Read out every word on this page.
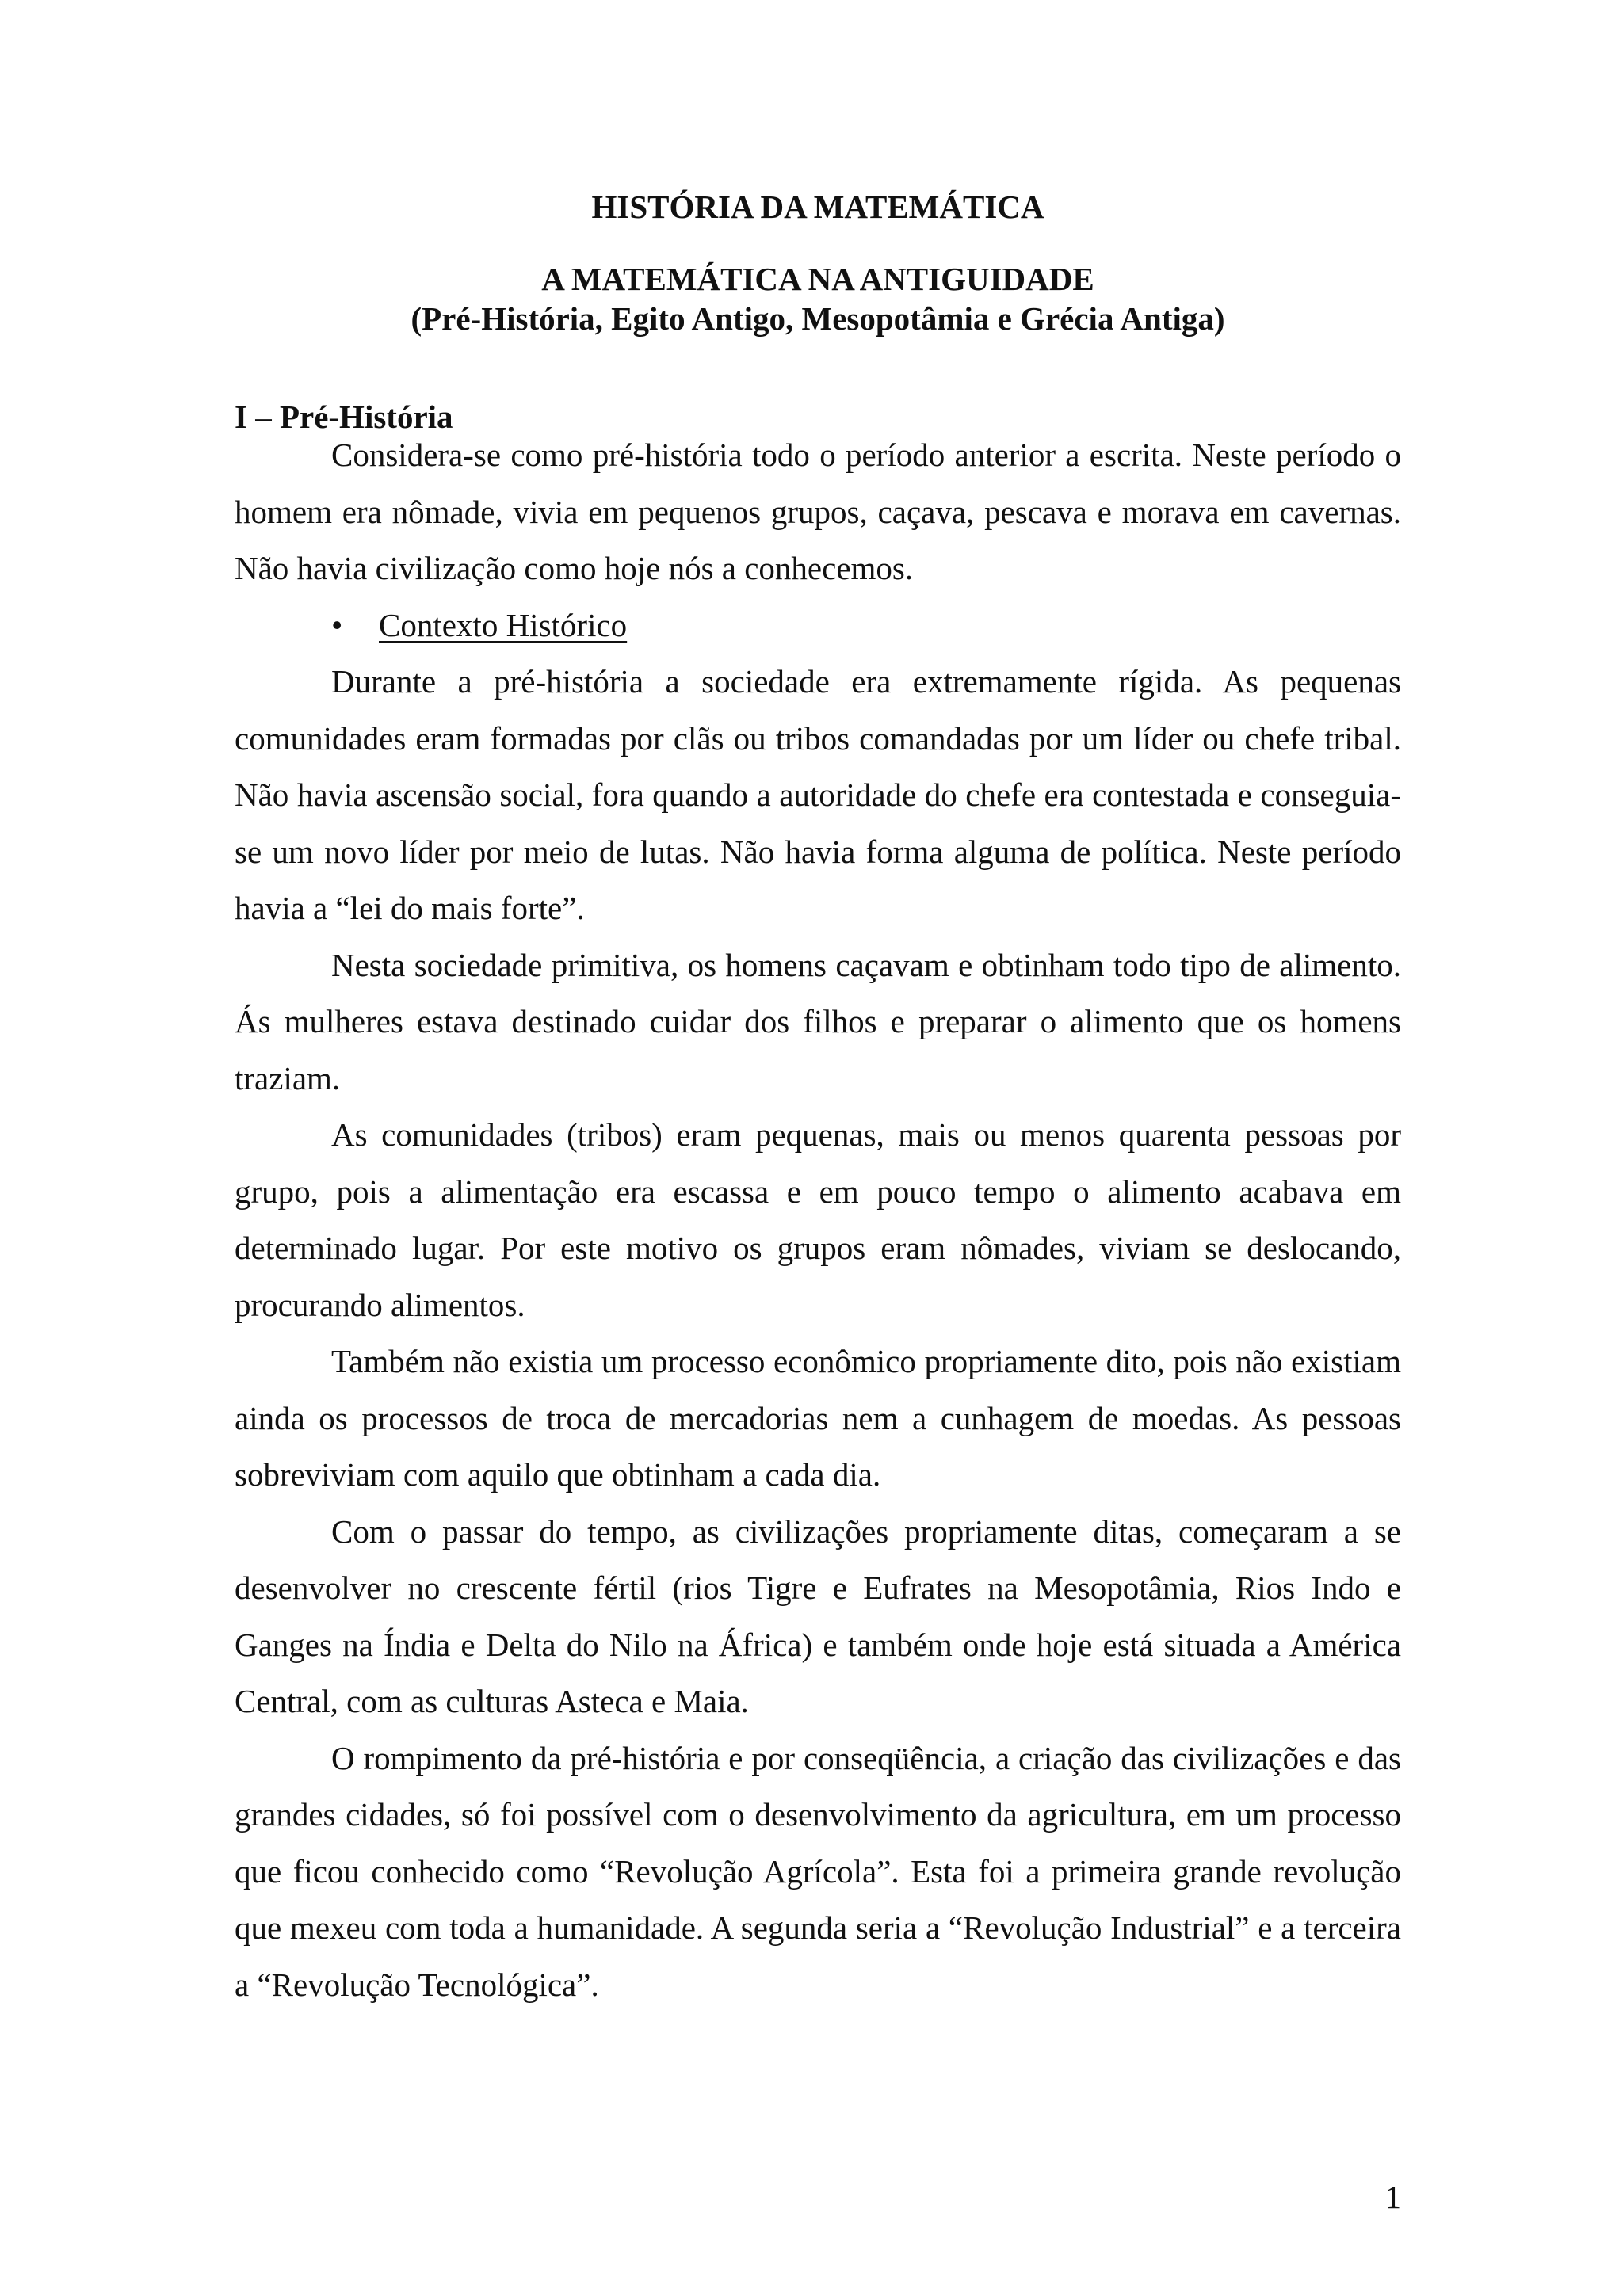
HISTÓRIA DA MATEMÁTICA
A MATEMÁTICA NA ANTIGUIDADE
(Pré-História, Egito Antigo, Mesopotâmia e Grécia Antiga)
I – Pré-História

Considera-se como pré-história todo o período anterior a escrita. Neste período o homem era nômade, vivia em pequenos grupos, caçava, pescava e morava em cavernas. Não havia civilização como hoje nós a conhecemos.

• Contexto Histórico

Durante a pré-história a sociedade era extremamente rígida. As pequenas comunidades eram formadas por clãs ou tribos comandadas por um líder ou chefe tribal. Não havia ascensão social, fora quando a autoridade do chefe era contestada e conseguia-se um novo líder por meio de lutas. Não havia forma alguma de política. Neste período havia a “lei do mais forte”.

Nesta sociedade primitiva, os homens caçavam e obtinham todo tipo de alimento. Ás mulheres estava destinado cuidar dos filhos e preparar o alimento que os homens traziam.

As comunidades (tribos) eram pequenas, mais ou menos quarenta pessoas por grupo, pois a alimentação era escassa e em pouco tempo o alimento acabava em determinado lugar. Por este motivo os grupos eram nômades, viviam se deslocando, procurando alimentos.

Também não existia um processo econômico propriamente dito, pois não existiam ainda os processos de troca de mercadorias nem a cunhagem de moedas. As pessoas sobreviviam com aquilo que obtinham a cada dia.

Com o passar do tempo, as civilizações propriamente ditas, começaram a se desenvolver no crescente fértil (rios Tigre e Eufrates na Mesopotâmia, Rios Indo e Ganges na Índia e Delta do Nilo na África) e também onde hoje está situada a América Central, com as culturas Asteca e Maia.

O rompimento da pré-história e por conseqüência, a criação das civilizações e das grandes cidades, só foi possível com o desenvolvimento da agricultura, em um processo que ficou conhecido como “Revolução Agrícola”. Esta foi a primeira grande revolução que mexeu com toda a humanidade. A segunda seria a “Revolução Industrial” e a terceira a “Revolução Tecnológica”.

1
